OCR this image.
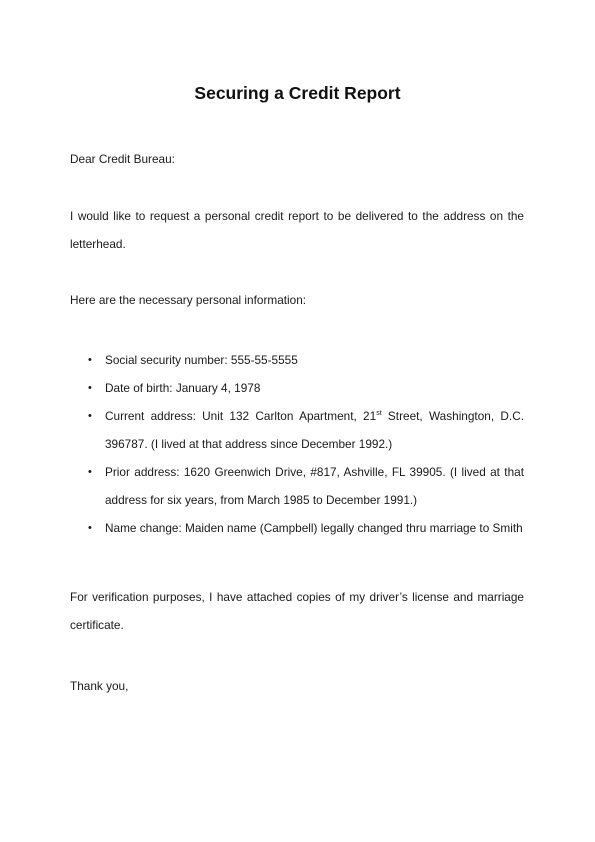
Securing a Credit Report
Dear Credit Bureau:
I would like to request a personal credit report to be delivered to the address on the letterhead.
Here are the necessary personal information:
• Social security number: 555-55-5555
• Date of birth: January 4, 1978
• Current address: Unit 132 Carlton Apartment, 21st Street, Washington, D.C. 396787. (I lived at that address since December 1992.)
• Prior address: 1620 Greenwich Drive, #817, Ashville, FL 39905. (I lived at that address for six years, from March 1985 to December 1991.)
• Name change: Maiden name (Campbell) legally changed thru marriage to Smith
For verification purposes, I have attached copies of my driver’s license and marriage certificate.
Thank you,
